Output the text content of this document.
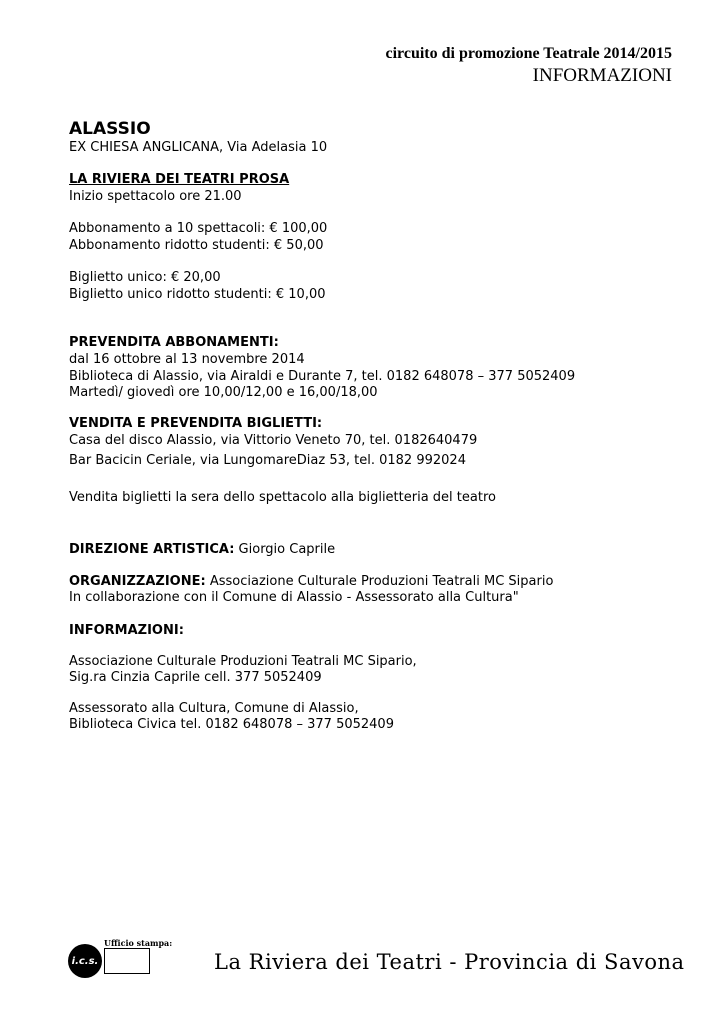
circuito di promozione Teatrale 2014/2015
INFORMAZIONI
ALASSIO

EX CHIESA ANGLICANA, Via Adelasia 10

LA RIVIERA DEI TEATRI PROSA

Inizio spettacolo ore 21.00

Abbonamento a 10 spettacoli: € 100,00

Abbonamento ridotto studenti: € 50,00

Biglietto unico: € 20,00

Biglietto unico ridotto studenti: € 10,00

PREVENDITA ABBONAMENTI:

dal 16 ottobre al 13 novembre 2014

Biblioteca di Alassio, via Airaldi e Durante 7, tel. 0182 648078 – 377 5052409

Martedì/ giovedì ore 10,00/12,00 e 16,00/18,00

VENDITA E PREVENDITA BIGLIETTI:

Casa del disco Alassio, via Vittorio Veneto 70, tel. 0182640479

Bar Bacicin Ceriale, via LungomareDiaz 53, tel. 0182 992024

Vendita biglietti la sera dello spettacolo alla biglietteria del teatro

DIREZIONE ARTISTICA: Giorgio Caprile

ORGANIZZAZIONE: Associazione Culturale Produzioni Teatrali MC Sipario

In collaborazione con il Comune di Alassio - Assessorato alla Cultura"

INFORMAZIONI:

Associazione Culturale Produzioni Teatrali MC Sipario,

Sig.ra Cinzia Caprile cell. 377 5052409

Assessorato alla Cultura, Comune di Alassio,

Biblioteca Civica tel. 0182 648078 – 377 5052409

i.c.s.
Ufficio stampa:
La Riviera dei Teatri - Provincia di Savona
